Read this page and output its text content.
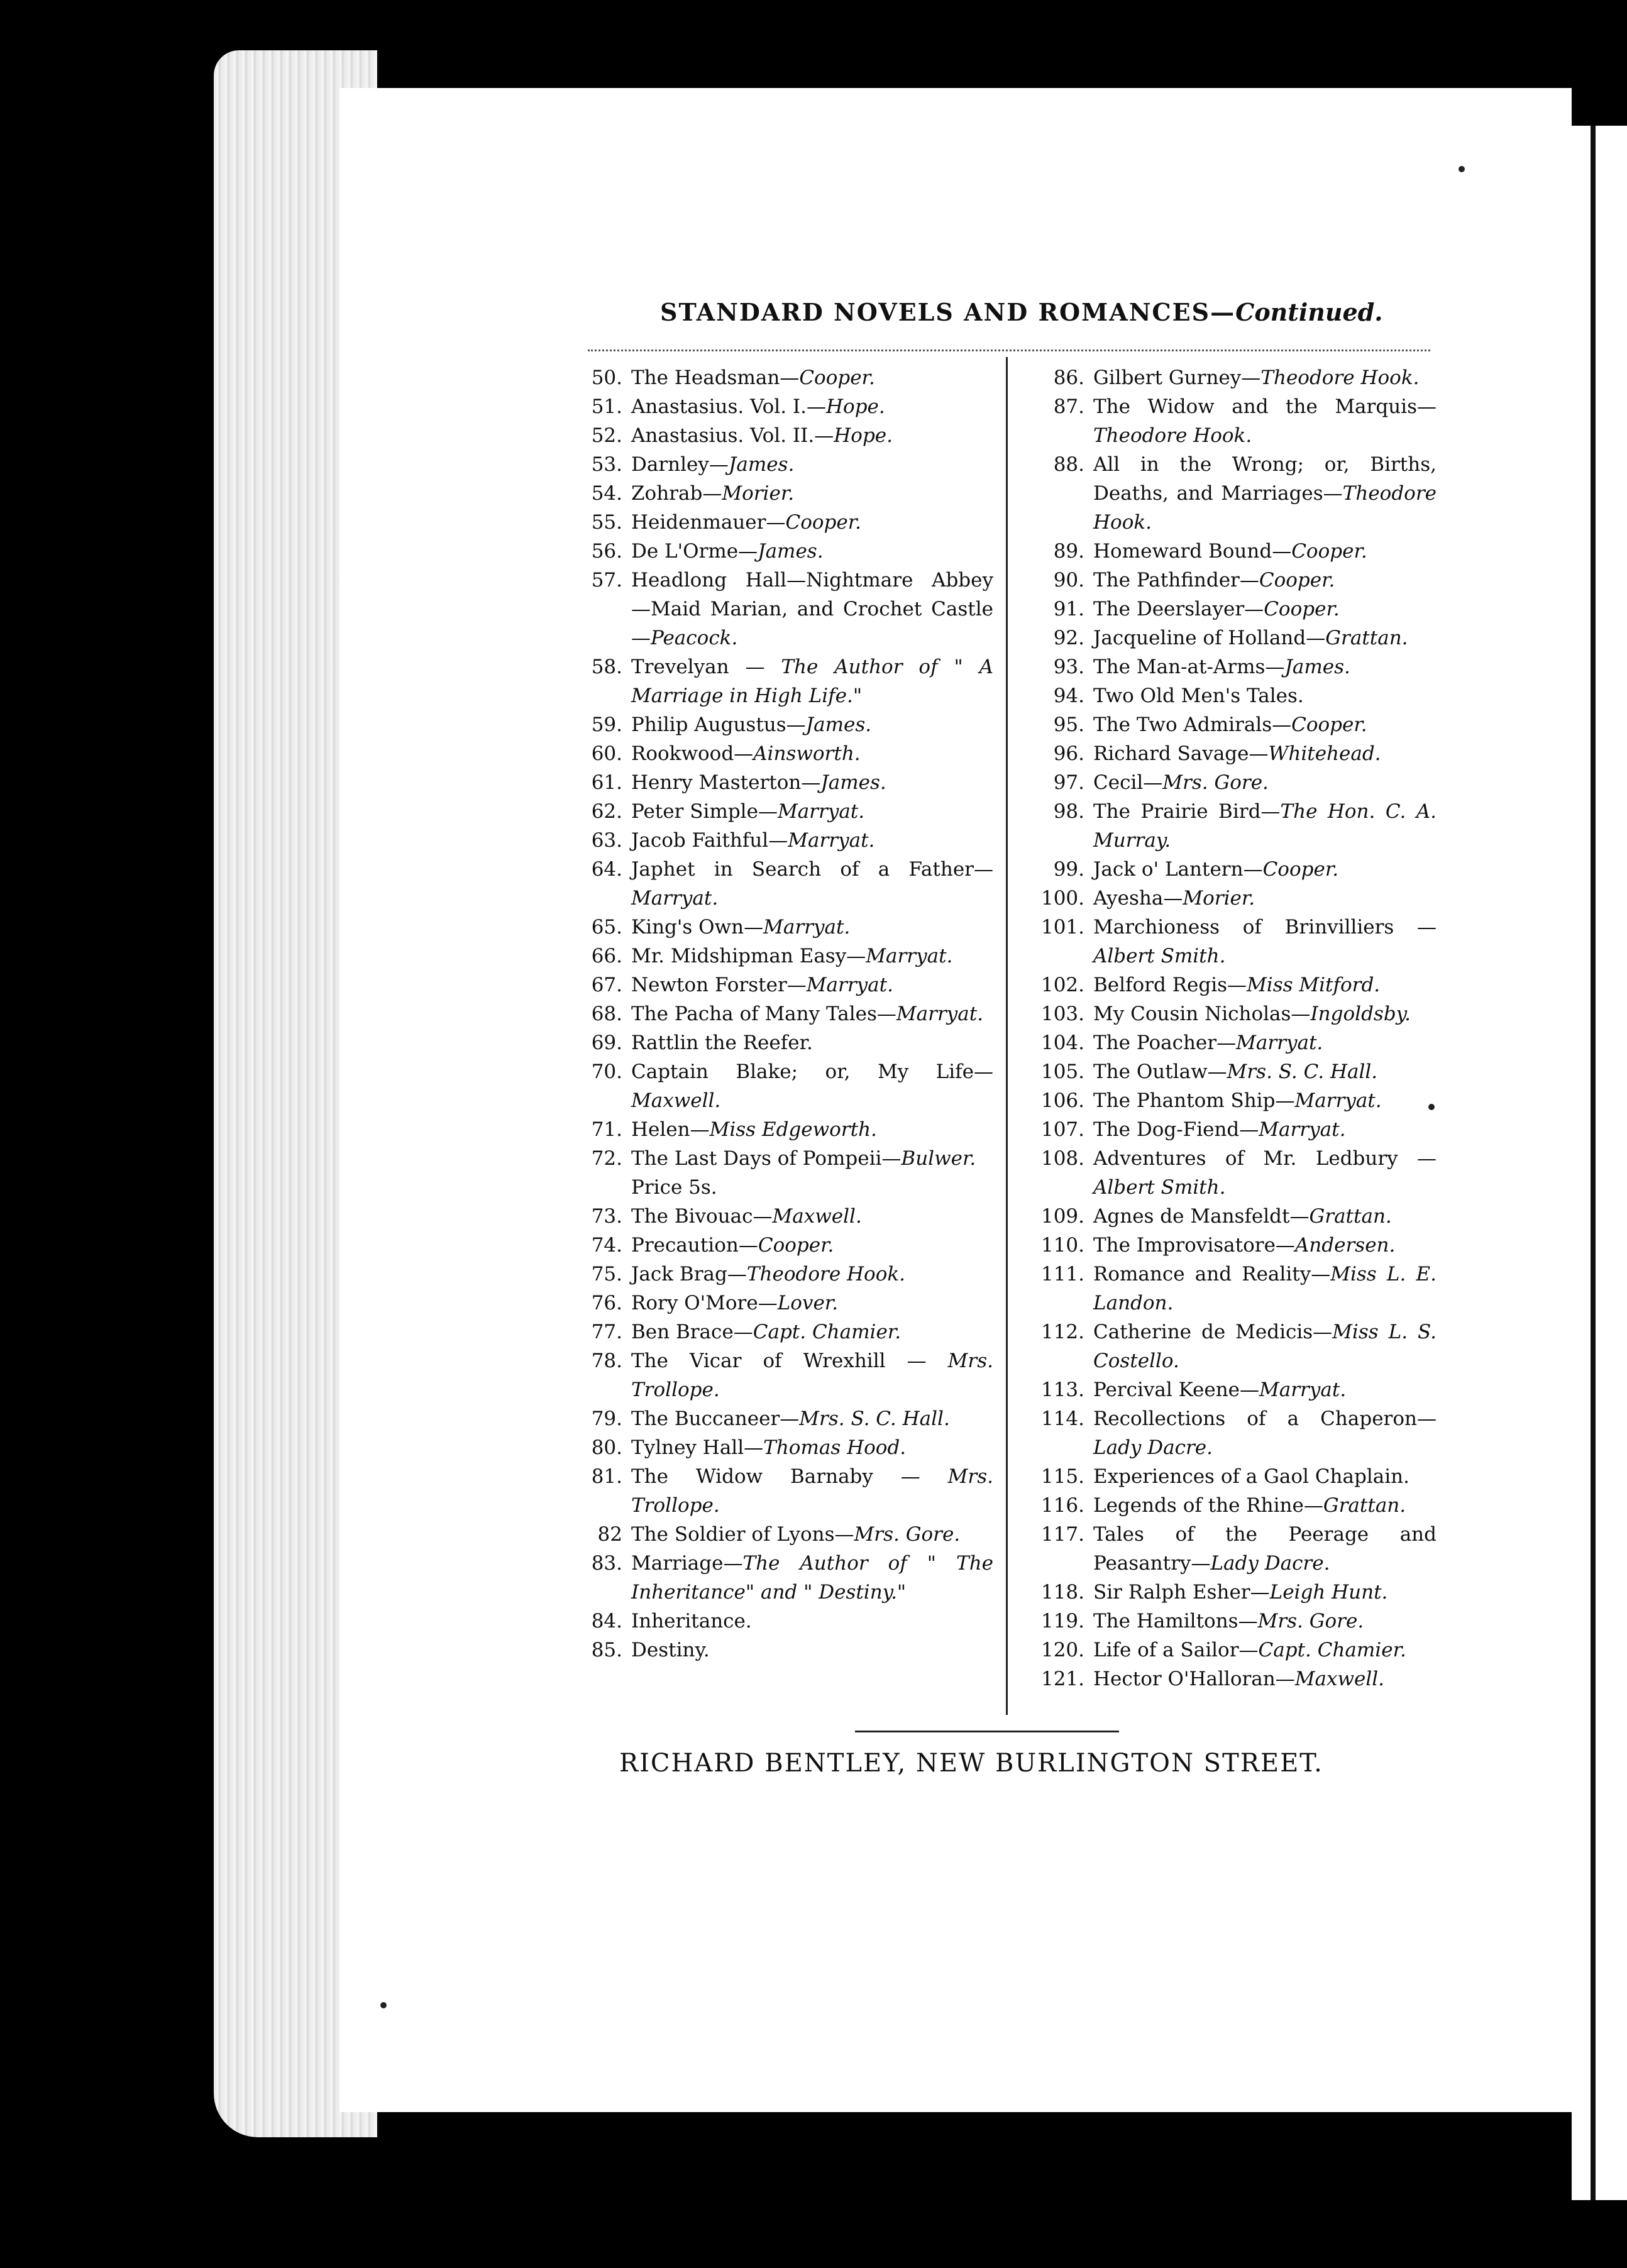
STANDARD NOVELS AND ROMANCES—Continued.
50. The Headsman—Cooper.
51. Anastasius. Vol. I.—Hope.
52. Anastasius. Vol. II.—Hope.
53. Darnley—James.
54. Zohrab—Morier.
55. Heidenmauer—Cooper.
56. De L'Orme—James.
57. Headlong Hall—Nightmare Abbey —Maid Marian, and Crochet Castle—Peacock.
58. Trevelyan — The Author of " A Marriage in High Life."
59. Philip Augustus—James.
60. Rookwood—Ainsworth.
61. Henry Masterton—James.
62. Peter Simple—Marryat.
63. Jacob Faithful—Marryat.
64. Japhet in Search of a Father—Marryat.
65. King's Own—Marryat.
66. Mr. Midshipman Easy—Marryat.
67. Newton Forster—Marryat.
68. The Pacha of Many Tales—Marryat.
69. Rattlin the Reefer.
70. Captain Blake; or, My Life—Maxwell.
71. Helen—Miss Edgeworth.
72. The Last Days of Pompeii—Bulwer.
Price 5s.
73. The Bivouac—Maxwell.
74. Precaution—Cooper.
75. Jack Brag—Theodore Hook.
76. Rory O'More—Lover.
77. Ben Brace—Capt. Chamier.
78. The Vicar of Wrexhill — Mrs. Trollope.
79. The Buccaneer—Mrs. S. C. Hall.
80. Tylney Hall—Thomas Hood.
81. The Widow Barnaby — Mrs. Trollope.
82 The Soldier of Lyons—Mrs. Gore.
83. Marriage—The Author of " The Inheritance" and " Destiny."
84. Inheritance.
85. Destiny.
86. Gilbert Gurney—Theodore Hook.
87. The Widow and the Marquis—Theodore Hook.
88. All in the Wrong; or, Births, Deaths, and Marriages—Theodore Hook.
89. Homeward Bound—Cooper.
90. The Pathfinder—Cooper.
91. The Deerslayer—Cooper.
92. Jacqueline of Holland—Grattan.
93. The Man-at-Arms—James.
94. Two Old Men's Tales.
95. The Two Admirals—Cooper.
96. Richard Savage—Whitehead.
97. Cecil—Mrs. Gore.
98. The Prairie Bird—The Hon. C. A. Murray.
99. Jack o' Lantern—Cooper.
100. Ayesha—Morier.
101. Marchioness of Brinvilliers — Albert Smith.
102. Belford Regis—Miss Mitford.
103. My Cousin Nicholas—Ingoldsby.
104. The Poacher—Marryat.
105. The Outlaw—Mrs. S. C. Hall.
106. The Phantom Ship—Marryat.
107. The Dog-Fiend—Marryat.
108. Adventures of Mr. Ledbury — Albert Smith.
109. Agnes de Mansfeldt—Grattan.
110. The Improvisatore—Andersen.
111. Romance and Reality—Miss L. E. Landon.
112. Catherine de Medicis—Miss L. S. Costello.
113. Percival Keene—Marryat.
114. Recollections of a Chaperon—Lady Dacre.
115. Experiences of a Gaol Chaplain.
116. Legends of the Rhine—Grattan.
117. Tales of the Peerage and Peasantry—Lady Dacre.
118. Sir Ralph Esher—Leigh Hunt.
119. The Hamiltons—Mrs. Gore.
120. Life of a Sailor—Capt. Chamier.
121. Hector O'Halloran—Maxwell.
RICHARD BENTLEY, NEW BURLINGTON STREET.
